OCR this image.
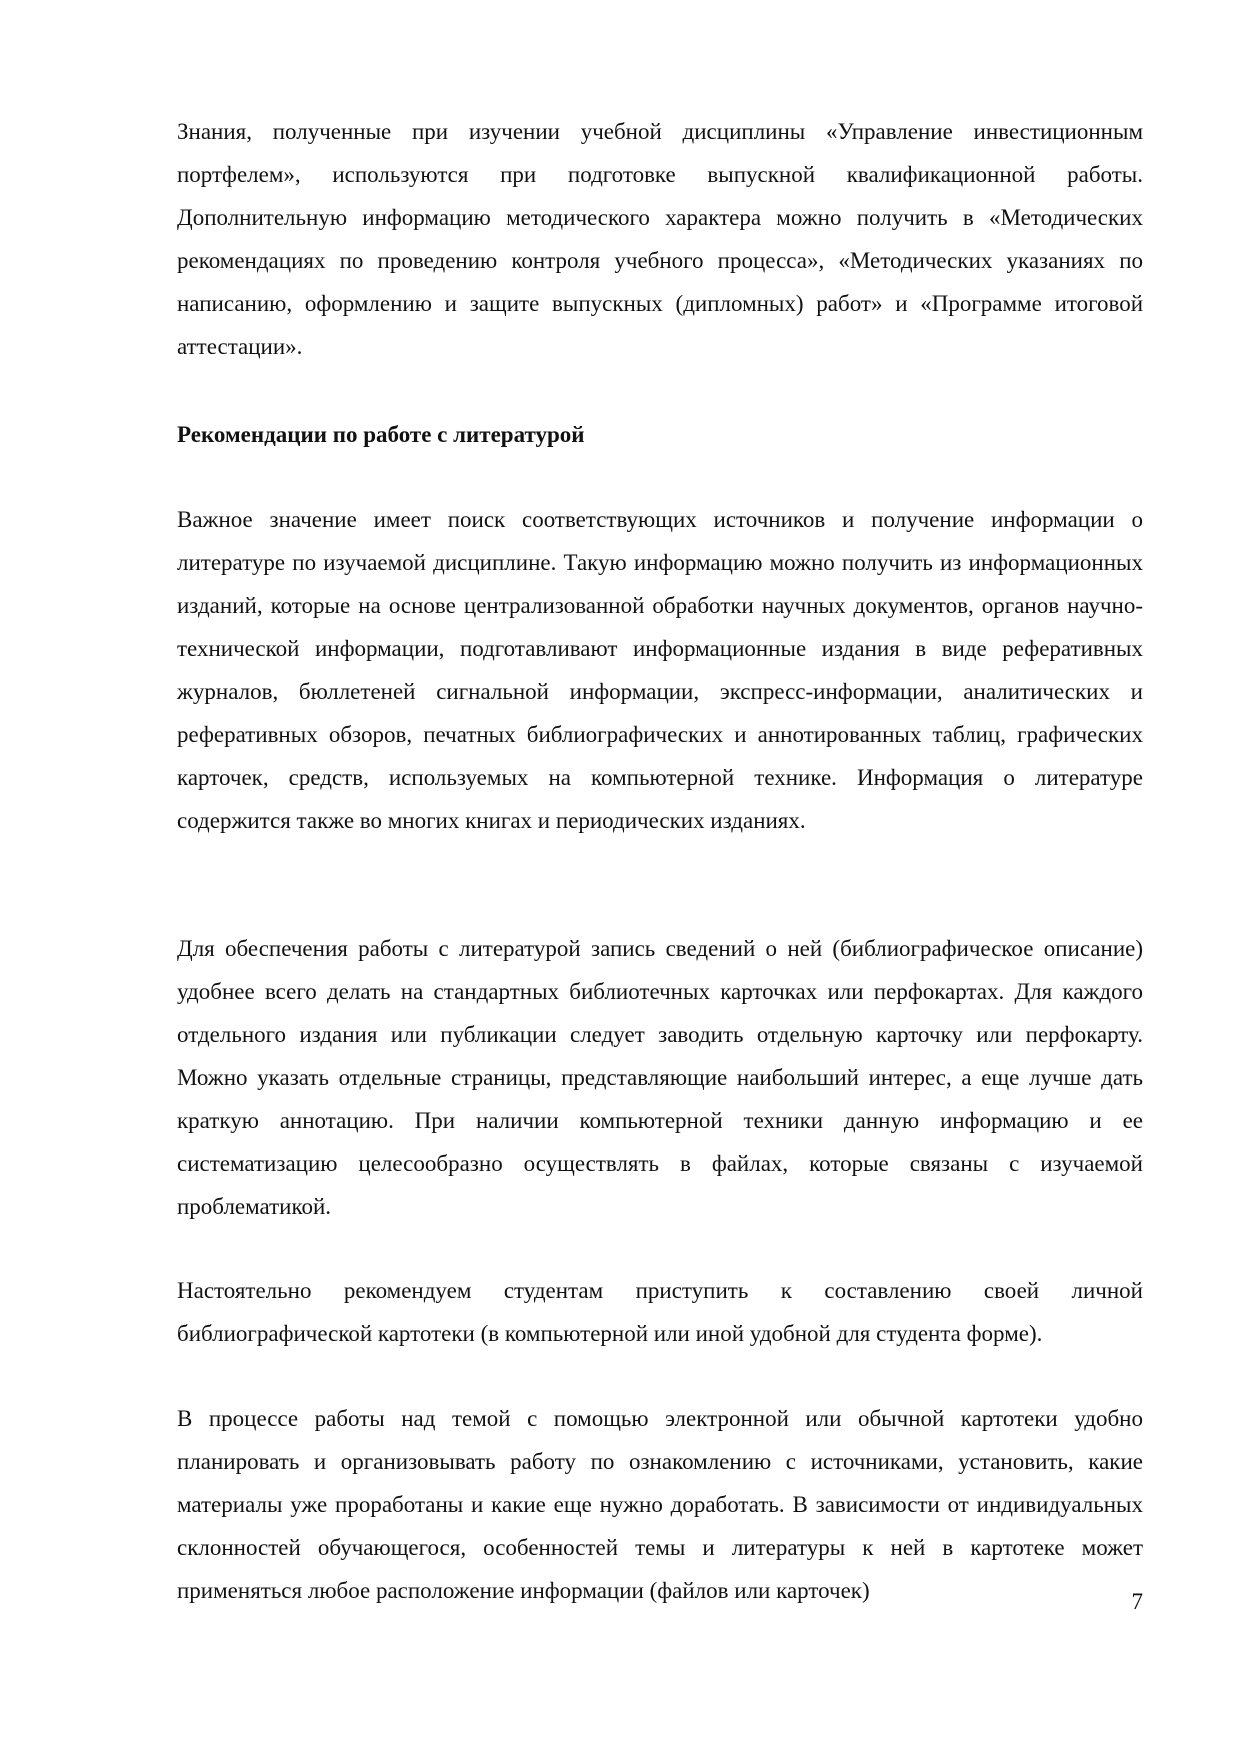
Знания, полученные при изучении учебной дисциплины «Управление инвестиционным портфелем», используются при подготовке выпускной квалификационной работы. Дополнительную информацию методического характера можно получить в «Методических рекомендациях по проведению контроля учебного процесса», «Методических указаниях по написанию, оформлению и защите выпускных (дипломных) работ» и «Программе итоговой аттестации».

Рекомендации по работе с литературой

Важное значение имеет поиск соответствующих источников и получение информации о литературе по изучаемой дисциплине. Такую информацию можно получить из информационных изданий, которые на основе централизованной обработки научных документов, органов научно-технической информации, подготавливают информационные издания в виде реферативных журналов, бюллетеней сигнальной информации, экспресс-информации, аналитических и реферативных обзоров, печатных библиографических и аннотированных таблиц, графических карточек, средств, используемых на компьютерной технике. Информация о литературе содержится также во многих книгах и периодических изданиях.

Для обеспечения работы с литературой запись сведений о ней (библиографическое описание) удобнее всего делать на стандартных библиотечных карточках или перфокартах. Для каждого отдельного издания или публикации следует заводить отдельную карточку или перфокарту. Можно указать отдельные страницы, представляющие наибольший интерес, а еще лучше дать краткую аннотацию. При наличии компьютерной техники данную информацию и ее систематизацию целесообразно осуществлять в файлах, которые связаны с изучаемой проблематикой.

Настоятельно рекомендуем студентам приступить к составлению своей личной библиографической картотеки (в компьютерной или иной удобной для студента форме).

В процессе работы над темой с помощью электронной или обычной картотеки удобно планировать и организовывать работу по ознакомлению с источниками, установить, какие материалы уже проработаны и какие еще нужно доработать. В зависимости от индивидуальных склонностей обучающегося, особенностей темы и литературы к ней в картотеке может применяться любое расположение информации (файлов или карточек)	7
